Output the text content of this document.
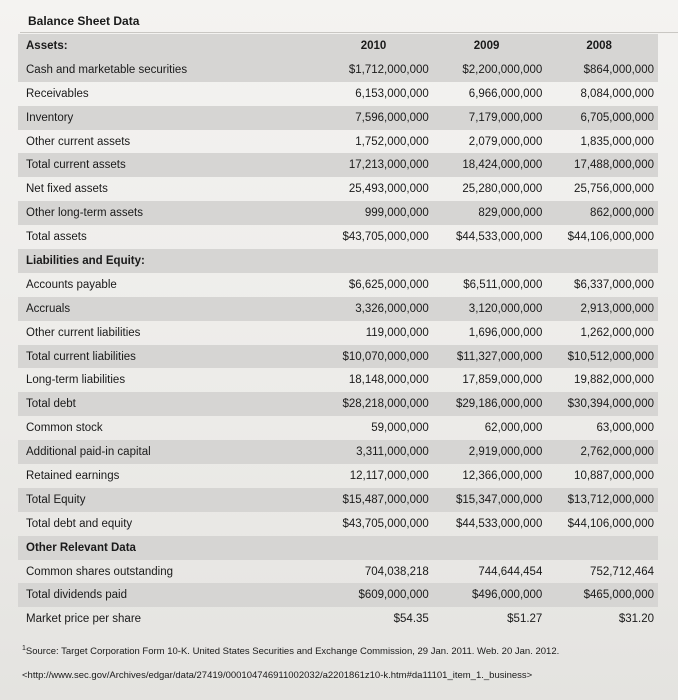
Balance Sheet Data
Assets:	2010	2009	2008
Cash and marketable securities	$1,712,000,000	$2,200,000,000	$864,000,000
Receivables	6,153,000,000	6,966,000,000	8,084,000,000
Inventory	7,596,000,000	7,179,000,000	6,705,000,000
Other current assets	1,752,000,000	2,079,000,000	1,835,000,000
Total current assets	17,213,000,000	18,424,000,000	17,488,000,000
Net fixed assets	25,493,000,000	25,280,000,000	25,756,000,000
Other long-term assets	999,000,000	829,000,000	862,000,000
Total assets	$43,705,000,000	$44,533,000,000	$44,106,000,000
Liabilities and Equity:			
Accounts payable	$6,625,000,000	$6,511,000,000	$6,337,000,000
Accruals	3,326,000,000	3,120,000,000	2,913,000,000
Other current liabilities	119,000,000	1,696,000,000	1,262,000,000
Total current liabilities	$10,070,000,000	$11,327,000,000	$10,512,000,000
Long-term liabilities	18,148,000,000	17,859,000,000	19,882,000,000
Total debt	$28,218,000,000	$29,186,000,000	$30,394,000,000
Common stock	59,000,000	62,000,000	63,000,000
Additional paid-in capital	3,311,000,000	2,919,000,000	2,762,000,000
Retained earnings	12,117,000,000	12,366,000,000	10,887,000,000
Total Equity	$15,487,000,000	$15,347,000,000	$13,712,000,000
Total debt and equity	$43,705,000,000	$44,533,000,000	$44,106,000,000
Other Relevant Data			
Common shares outstanding	704,038,218	744,644,454	752,712,464
Total dividends paid	$609,000,000	$496,000,000	$465,000,000
Market price per share	$54.35	$51.27	$31.20
$^1$Source: Target Corporation Form 10-K. United States Securities and Exchange Commission, 29 Jan. 2011. Web. 20 Jan. 2012.
<http://www.sec.gov/Archives/edgar/data/27419/000104746911002032/a2201861z10-k.htm#da11101_item_1._business>
